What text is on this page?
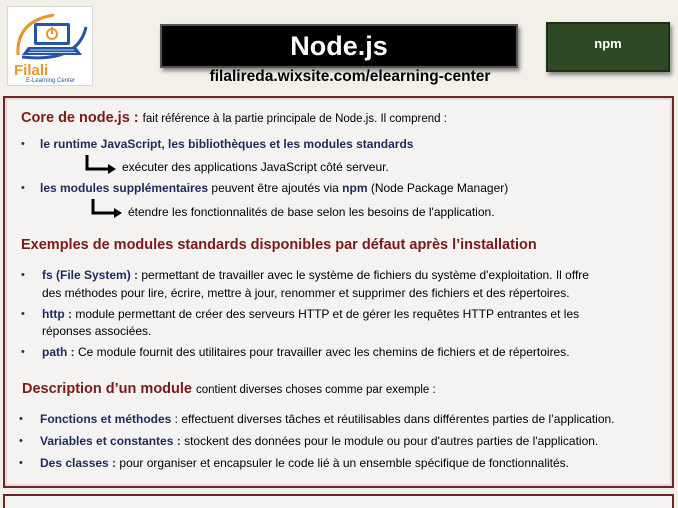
Filali
E-Learning Center
Node.js	npm
filalireda.wixsite.com/elearning-center
Core de node.js : fait référence à la partie principale de Node.js. Il comprend :
• le runtime JavaScript, les bibliothèques et les modules standards
exécuter des applications JavaScript côté serveur.
• les modules supplémentaires peuvent être ajoutés via npm (Node Package Manager)
étendre les fonctionnalités de base selon les besoins de l'application.
Exemples de modules standards disponibles par défaut après l’installation
• fs (File System) : permettant de travailler avec le système de fichiers du système d'exploitation. Il offre
des méthodes pour lire, écrire, mettre à jour, renommer et supprimer des fichiers et des répertoires.
• http : module permettant de créer des serveurs HTTP et de gérer les requêtes HTTP entrantes et les
réponses associées.
• path : Ce module fournit des utilitaires pour travailler avec les chemins de fichiers et de répertoires.
Description d’un module contient diverses choses comme par exemple :
• Fonctions et méthodes : effectuent diverses tâches et réutilisables dans différentes parties de l’application.
• Variables et constantes : stockent des données pour le module ou pour d'autres parties de l'application.
• Des classes : pour organiser et encapsuler le code lié à un ensemble spécifique de fonctionnalités.
